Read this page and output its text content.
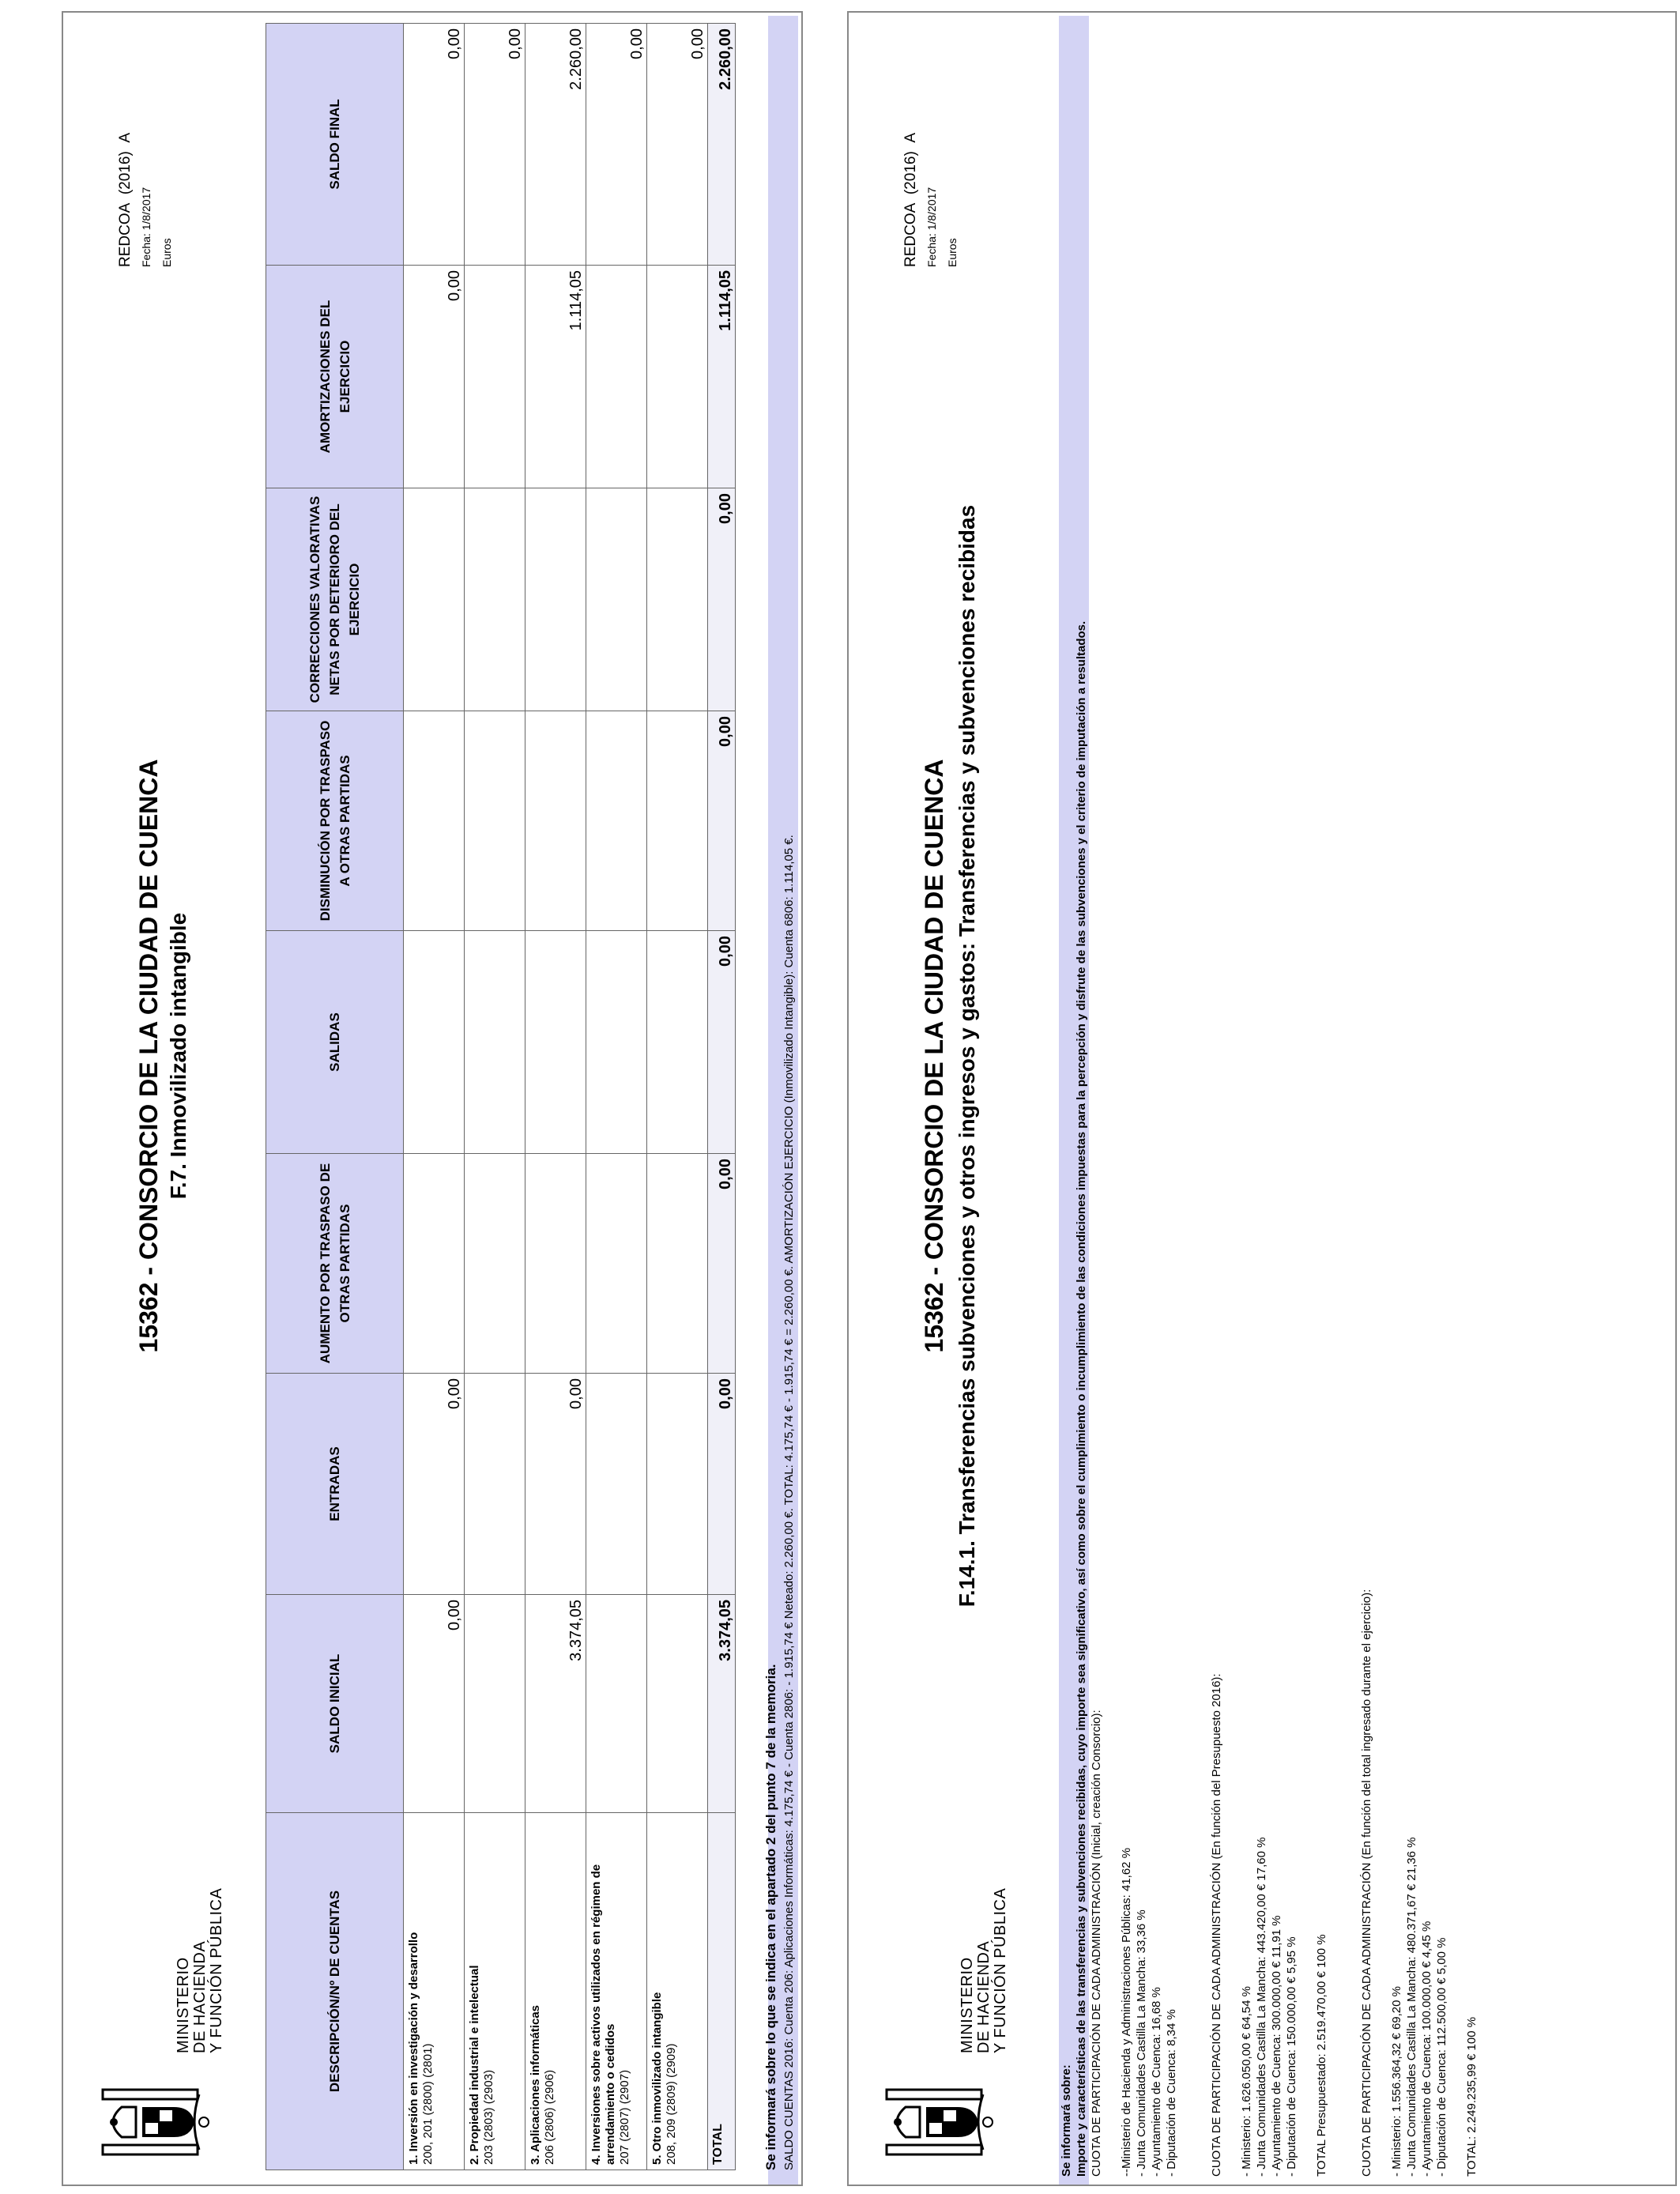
MINISTERIO DE HACIENDA Y FUNCIÓN PÚBLICA
15362 - CONSORCIO DE LA CIUDAD DE CUENCA F.7. Inmovilizado intangible
REDCOA  (2016)  A
Fecha: 1/8/2017 Euros
DESCRIPCIÓN/Nº DE CUENTAS	SALDO INICIAL	ENTRADAS	AUMENTO POR TRASPASO DE OTRAS PARTIDAS	SALIDAS	DISMINUCIÓN POR TRASPASO A OTRAS PARTIDAS	CORRECCIONES VALORATIVAS NETAS POR DETERIORO DEL EJERCICIO	AMORTIZACIONES DEL EJERCICIO	SALDO FINAL
1. Inversión en investigación y desarrollo
200, 201 (2800) (2801)	0,00	0,00					0,00	0,00
2. Propiedad industrial e intelectual
203 (2803) (2903)								0,00
3. Aplicaciones informáticas
206 (2806) (2906)	3.374,05	0,00					1.114,05	2.260,00
4. Inversiones sobre activos utilizados en régimen de arrendamiento o cedidos
207 (2807) (2907)								0,00
5. Otro inmovilizado intangible
208, 209 (2809) (2909)								0,00
TOTAL	3.374,05	0,00	0,00	0,00	0,00	0,00	1.114,05	2.260,00
Se informará sobre lo que se indica en el apartado 2 del punto 7 de la memoria. SALDO CUENTAS 2016: Cuenta 206: Aplicaciones Informáticas: 4.175,74 € - Cuenta 2806: - 1.915,74 € Neteado: 2.260,00 €. TOTAL: 4.175,74 € - 1.915,74 € = 2.260,00 €. AMORTIZACIÓN EJERCICIO (Inmovilizado Intangible): Cuenta 6806: 1.114,05 €.	MINISTERIO DE HACIENDA Y FUNCIÓN PÚBLICA
15362 - CONSORCIO DE LA CIUDAD DE CUENCA F.14.1. Transferencias subvenciones y otros ingresos y gastos: Transferencias y subvenciones recibidas
REDCOA  (2016)  A
Fecha: 1/8/2017 Euros
Se informará sobre: Importe y características de las transferencias y subvenciones recibidas, cuyo importe sea significativo, así como sobre el cumplimiento o incumplimiento de las condiciones impuestas para la percepción y disfrute de las subvenciones y el criterio de imputación a resultados. CUOTA DE PARTICIPACIÓN DE CADA ADMINISTRACIÓN (Inicial, creación Consorcio): --Ministerio de Hacienda y Administraciones Públicas: 41,62 % - Junta Comunidades Castilla La Mancha: 33,36 % - Ayuntamiento de Cuenca: 16,68 % - Diputación de Cuenca: 8,34 %	CUOTA DE PARTICIPACIÓN DE CADA ADMINISTRACIÓN (En función del Presupuesto 2016): - Ministerio: 1.626.050,00 € 64,54 % - Junta Comunidades Castilla La Mancha: 443.420,00 € 17,60 % - Ayuntamiento de Cuenca: 300.000,00 € 11,91 % - Diputación de Cuenca: 150.000,00 € 5,95 % TOTAL Presupuestado: 2.519.470,00 € 100 %	CUOTA DE PARTICIPACIÓN DE CADA ADMINISTRACIÓN (En función del total ingresado durante el ejercicio): - Ministerio: 1.556.364,32 € 69,20 % - Junta Comunidades Castilla La Mancha: 480.371,67 € 21,36 % - Ayuntamiento de Cuenca: 100.000,00 € 4,45 % - Diputación de Cuenca: 112.500,00 € 5,00 % TOTAL: 2.249.235,99 € 100 %
